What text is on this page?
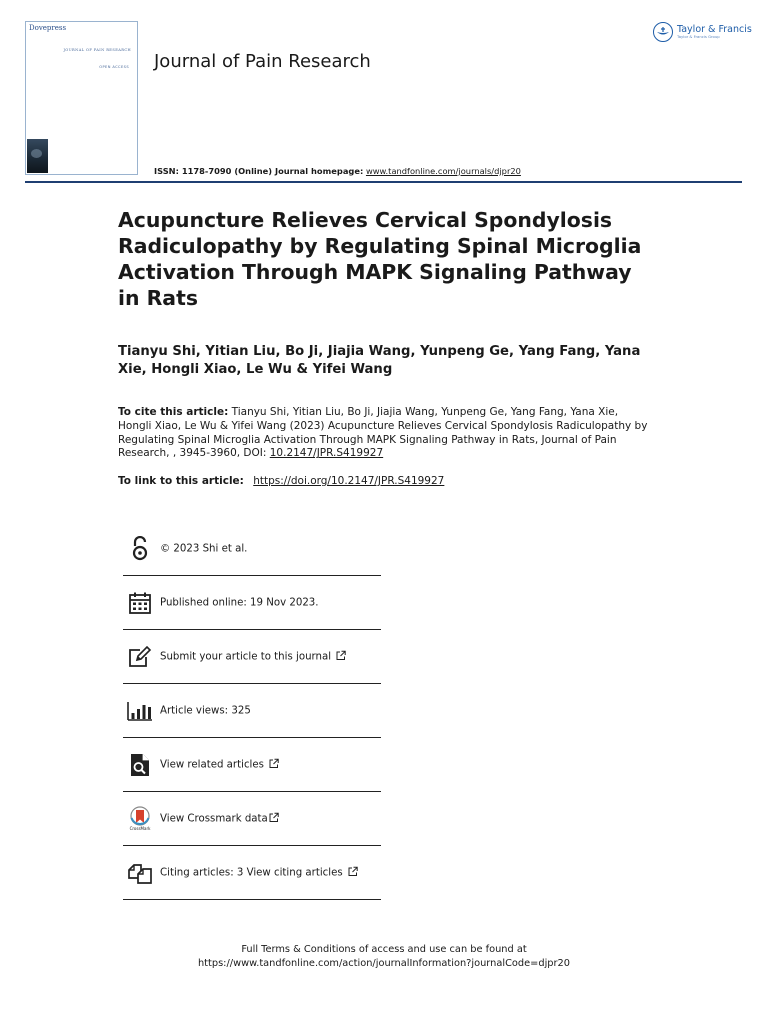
Dovepress
JOURNAL OF PAIN RESEARCH
OPEN ACCESS Journal of Pain Research
ISSN: 1178-7090 (Online) Journal homepage: www.tandfonline.com/journals/djpr20
Taylor & Francis
Taylor & Francis Group
Acupuncture Relieves Cervical Spondylosis Radiculopathy by Regulating Spinal Microglia Activation Through MAPK Signaling Pathway in Rats
Tianyu Shi, Yitian Liu, Bo Ji, Jiajia Wang, Yunpeng Ge, Yang Fang, Yana Xie, Hongli Xiao, Le Wu & Yifei Wang
To cite this article: Tianyu Shi, Yitian Liu, Bo Ji, Jiajia Wang, Yunpeng Ge, Yang Fang, Yana Xie, Hongli Xiao, Le Wu & Yifei Wang (2023) Acupuncture Relieves Cervical Spondylosis Radiculopathy by Regulating Spinal Microglia Activation Through MAPK Signaling Pathway in Rats, Journal of Pain Research, , 3945-3960, DOI: 10.2147/JPR.S419927
To link to this article: https://doi.org/10.2147/JPR.S419927
© 2023 Shi et al.
Published online: 19 Nov 2023.
Submit your article to this journal
Article views: 325
View related articles
CrossMark
View Crossmark data
Citing articles: 3 View citing articles
Full Terms & Conditions of access and use can be found at
https://www.tandfonline.com/action/journalInformation?journalCode=djpr20
